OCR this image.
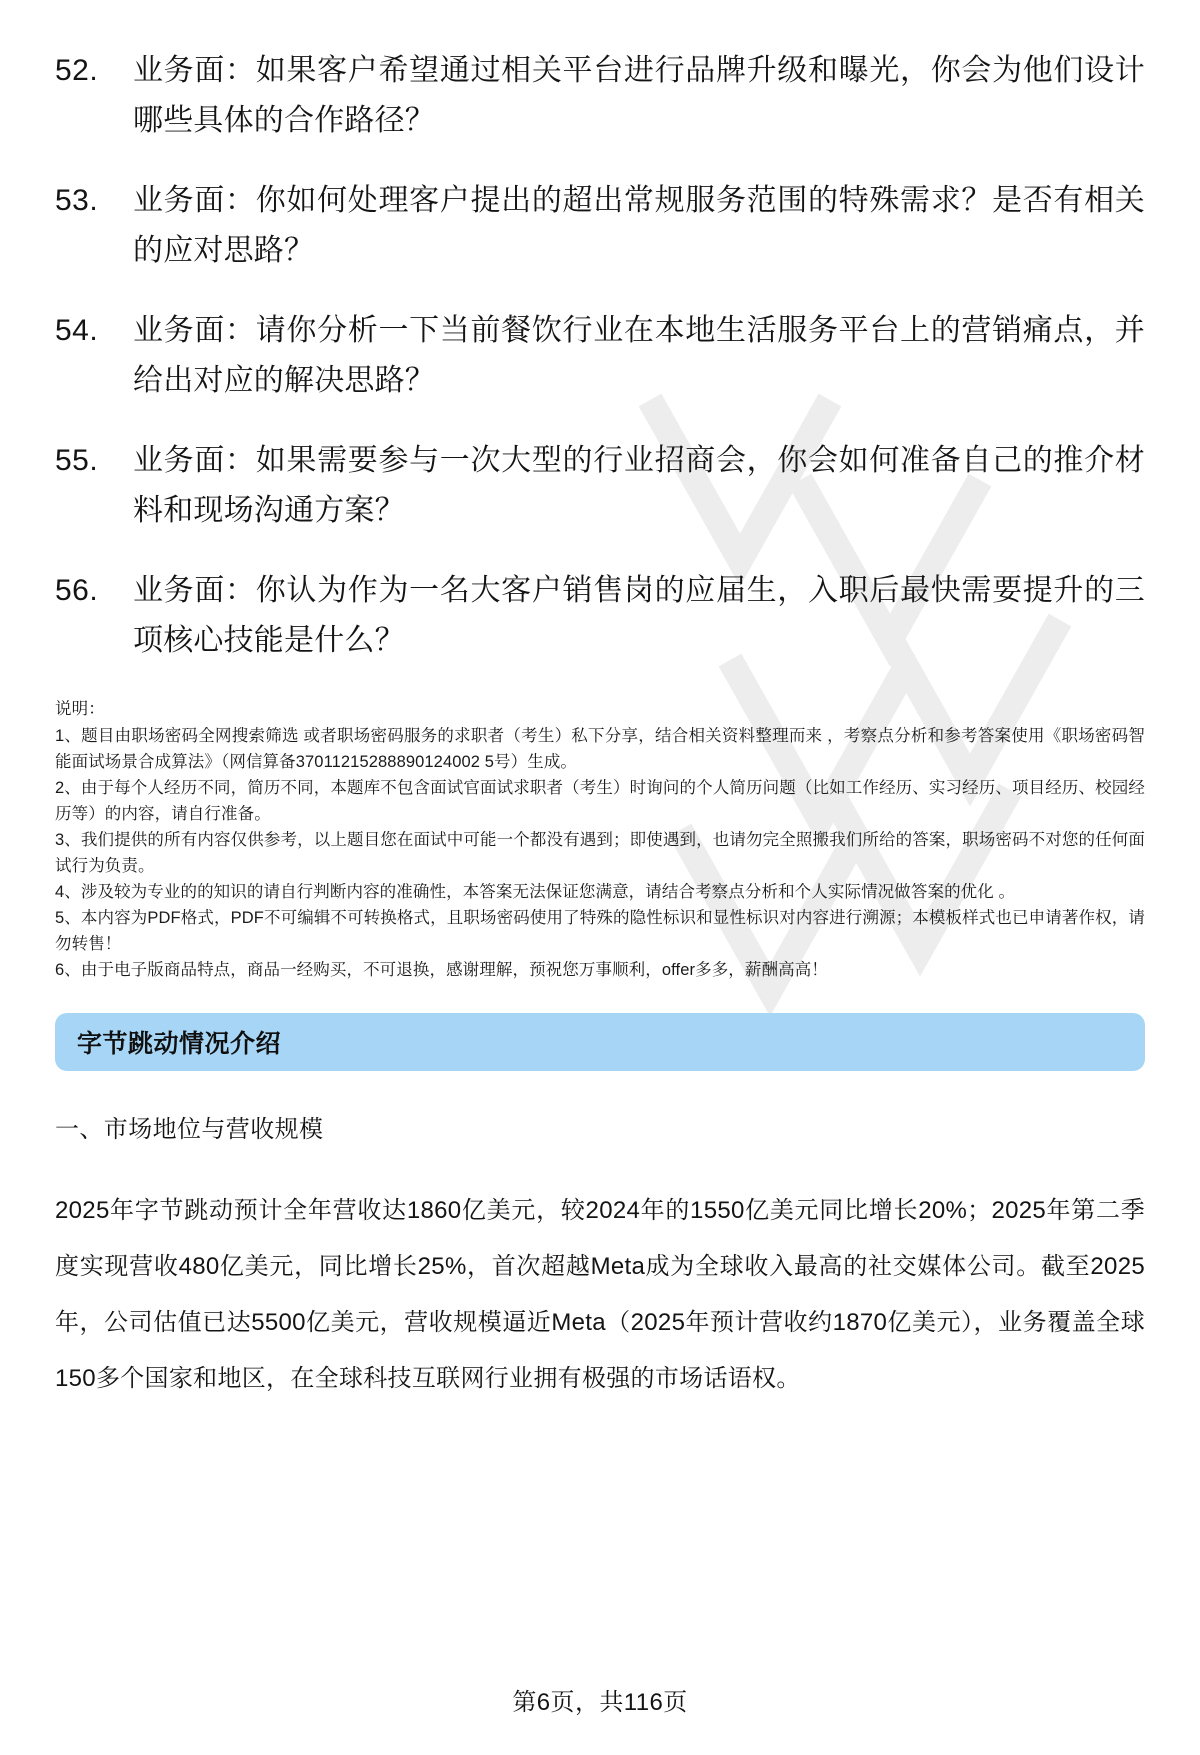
52.	业务面：如果客户希望通过相关平台进行品牌升级和曝光，你会为他们设计哪些具体的合作路径？
53.	业务面：你如何处理客户提出的超出常规服务范围的特殊需求？是否有相关的应对思路？
54.	业务面：请你分析一下当前餐饮行业在本地生活服务平台上的营销痛点，并给出对应的解决思路？
55.	业务面：如果需要参与一次大型的行业招商会，你会如何准备自己的推介材料和现场沟通方案？
56.	业务面：你认为作为一名大客户销售岗的应届生，入职后最快需要提升的三项核心技能是什么？
说明：

1、题目由职场密码全网搜索筛选 或者职场密码服务的求职者（考生）私下分享，结合相关资料整理而来 ，考察点分析和参考答案使用《职场密码智能面试场景合成算法》（网信算备37011215288890124002 5号）生成。

2、由于每个人经历不同，简历不同，本题库不包含面试官面试求职者（考生）时询问的个人简历问题（比如工作经历、实习经历、项目经历、校园经历等）的内容，请自行准备。

3、我们提供的所有内容仅供参考，以上题目您在面试中可能一个都没有遇到；即使遇到，也请勿完全照搬我们所给的答案，职场密码不对您的任何面试行为负责。

4、涉及较为专业的的知识的请自行判断内容的准确性，本答案无法保证您满意，请结合考察点分析和个人实际情况做答案的优化 。

5、本内容为PDF格式，PDF不可编辑不可转换格式，且职场密码使用了特殊的隐性标识和显性标识对内容进行溯源；本模板样式也已申请著作权，请勿转售！

6、由于电子版商品特点，商品一经购买，不可退换，感谢理解，预祝您万事顺利，offer多多，薪酬高高！

字节跳动情况介绍
一、市场地位与营收规模
2025年字节跳动预计全年营收达1860亿美元，较2024年的1550亿美元同比增长20%；2025年第二季度实现营收480亿美元，同比增长25%，首次超越Meta成为全球收入最高的社交媒体公司。截至2025年，公司估值已达5500亿美元，营收规模逼近Meta（2025年预计营收约1870亿美元），业务覆盖全球150多个国家和地区，在全球科技互联网行业拥有极强的市场话语权。
第6页，共116页
